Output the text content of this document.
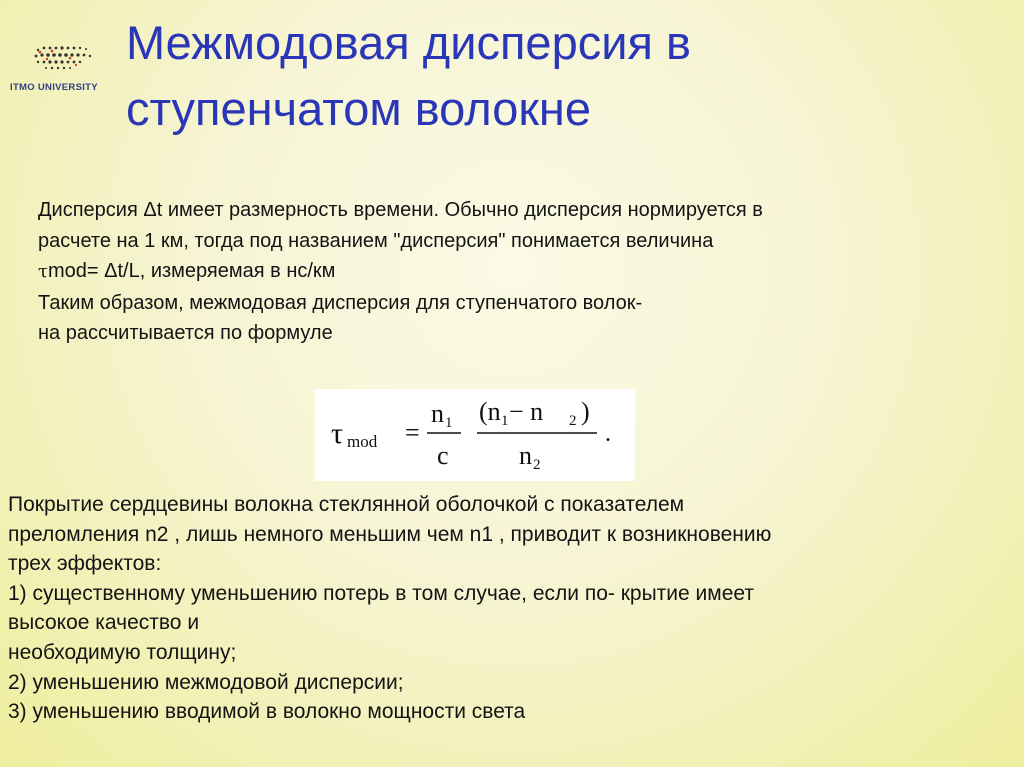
ITMO UNIVERSITY
Межмодовая дисперсия в
ступенчатом волокне

Дисперсия Δt имеет размерность времени. Обычно дисперсия нормируется в

расчете на 1 км, тогда под названием "дисперсия" понимается величина

τmod= Δt/L, измеряемая в нс/км

Таким образом, межмодовая дисперсия для ступенчатого волок-

на рассчитывается по формуле

τ mod =
n 1
c
(n 1 − n 2 )
n 2
.

Покрытие сердцевины волокна стеклянной оболочкой с показателем

преломления n2 , лишь немного меньшим чем n1 , приводит к возникновению

трех эффектов:

1) существенному уменьшению потерь в том случае, если по- крытие имеет

высокое качество и

необходимую толщину;

2) уменьшению межмодовой дисперсии;

3) уменьшению вводимой в волокно мощности света
